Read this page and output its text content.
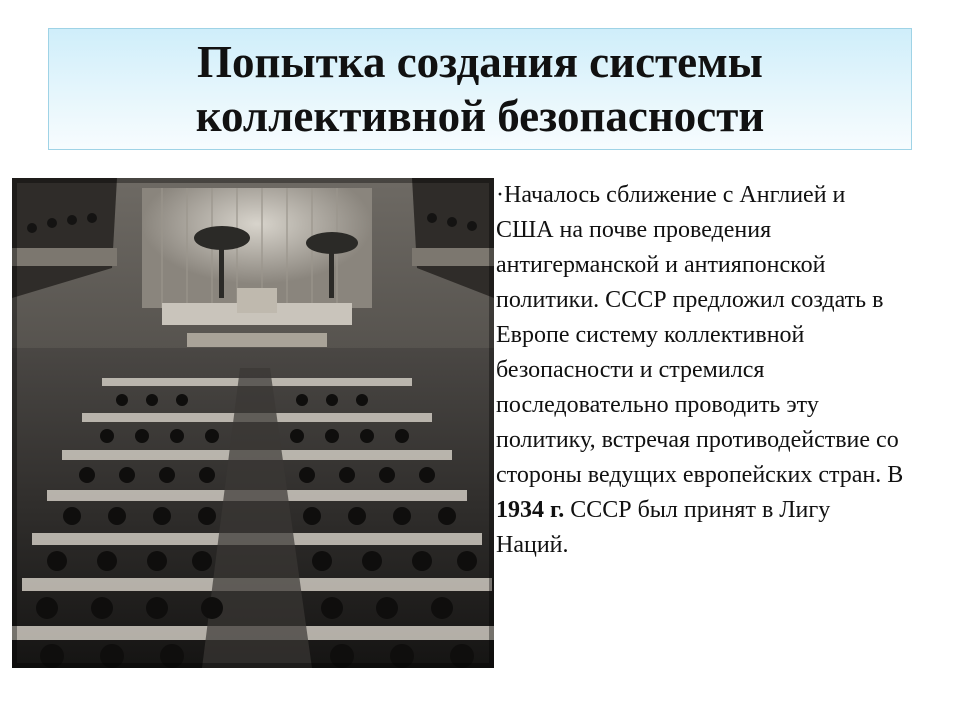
Попытка создания системы
коллективной безопасности

·Началось сближение с Англией и США на почве проведения антигерманской и антияпонской политики. СССР предложил создать в Европе систему коллективной безопасности и стремился последовательно проводить эту политику, встречая противодействие со стороны ведущих европейских стран. В 1934 г. СССР был принят в Лигу Наций.
